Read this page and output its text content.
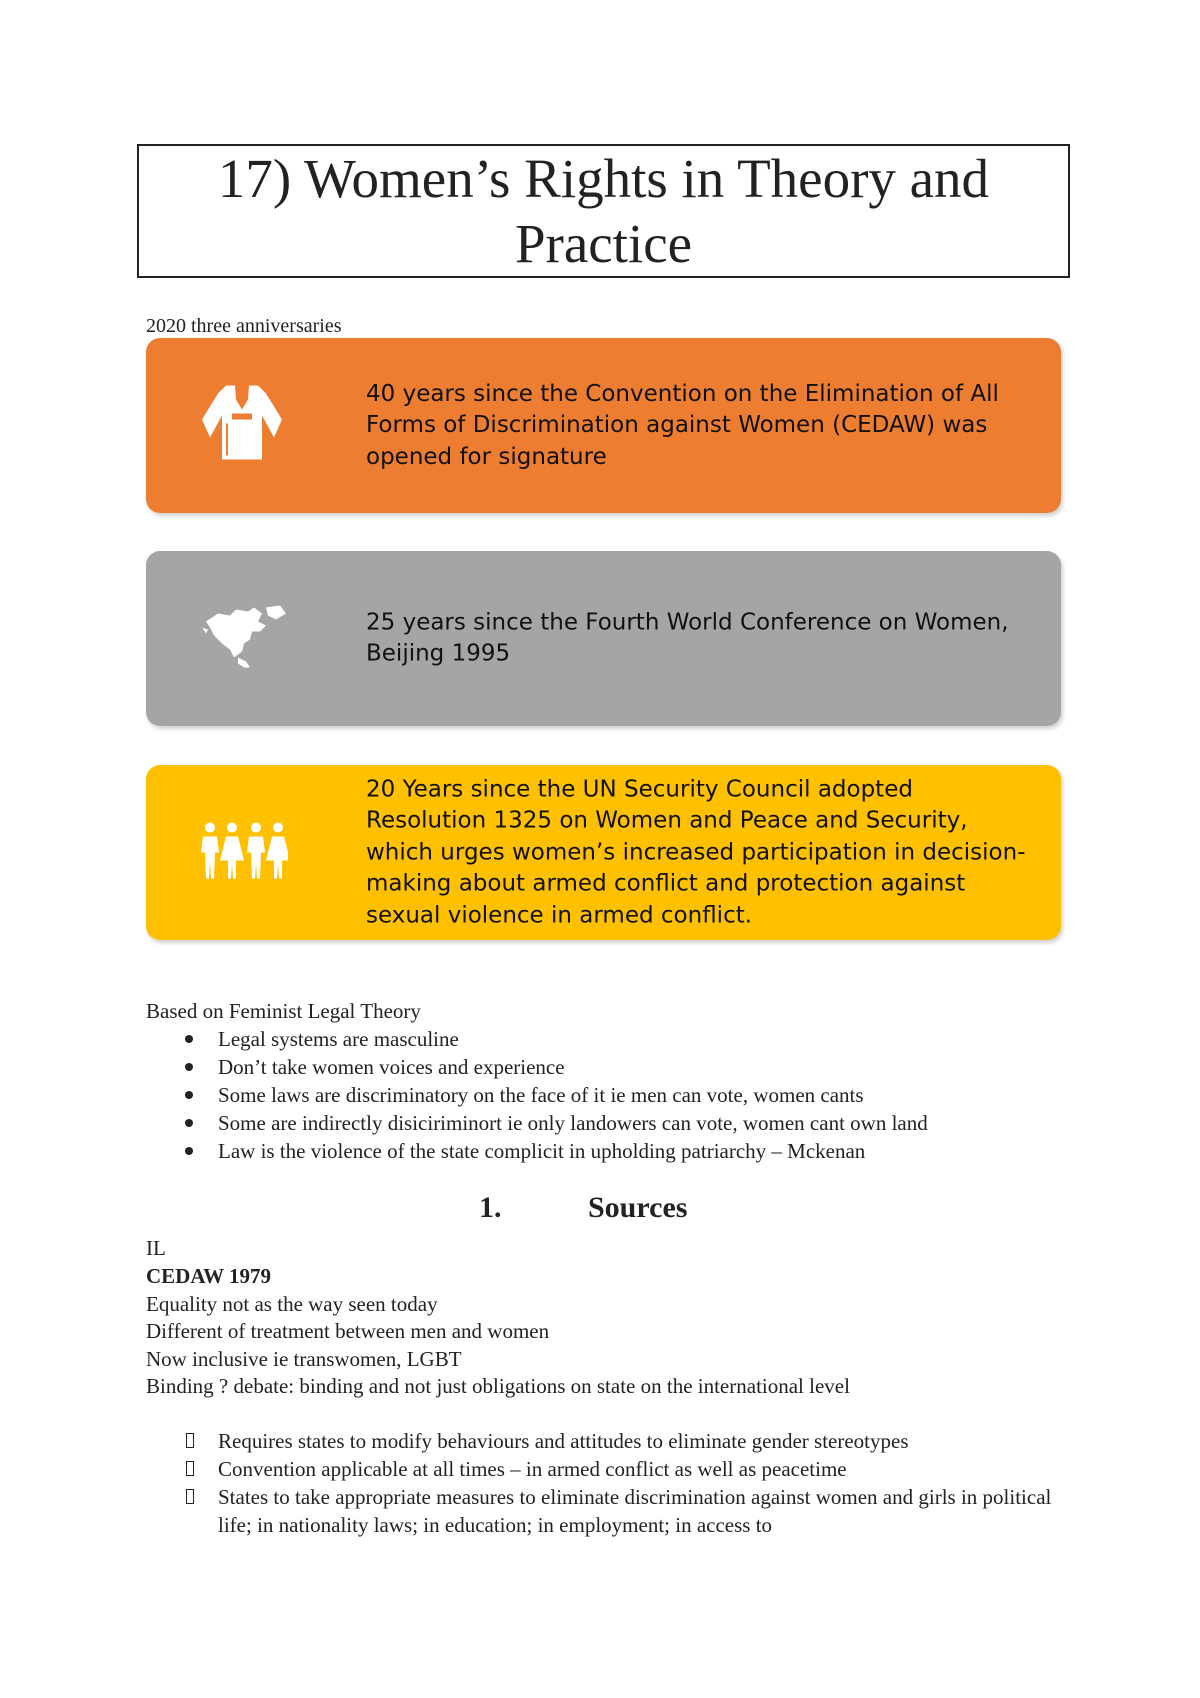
17) Women’s Rights in Theory and Practice
2020 three anniversaries
40 years since the Convention on the Elimination of All Forms of Discrimination against Women (CEDAW) was opened for signature
25 years since the Fourth World Conference on Women, Beijing 1995
20 Years since the UN Security Council adopted Resolution 1325 on Women and Peace and Security, which urges women’s increased participation in decision-making about armed conflict and protection against sexual violence in armed conflict.
Based on Feminist Legal Theory
Legal systems are masculine
Don’t take women voices and experience
Some laws are discriminatory on the face of it ie men can vote, women cants
Some are indirectly disiciriminort ie only landowers can vote, women cant own land
Law is the violence of the state complicit in upholding patriarchy – Mckenan
1.	Sources
IL
CEDAW 1979
Equality not as the way seen today
Different of treatment between men and women
Now inclusive ie transwomen, LGBT
Binding ? debate: binding and not just obligations on state on the international level
Requires states to modify behaviours and attitudes to eliminate gender stereotypes
Convention applicable at all times – in armed conflict as well as peacetime
States to take appropriate measures to eliminate discrimination against women and girls in political life; in nationality laws; in education; in employment; in access to
